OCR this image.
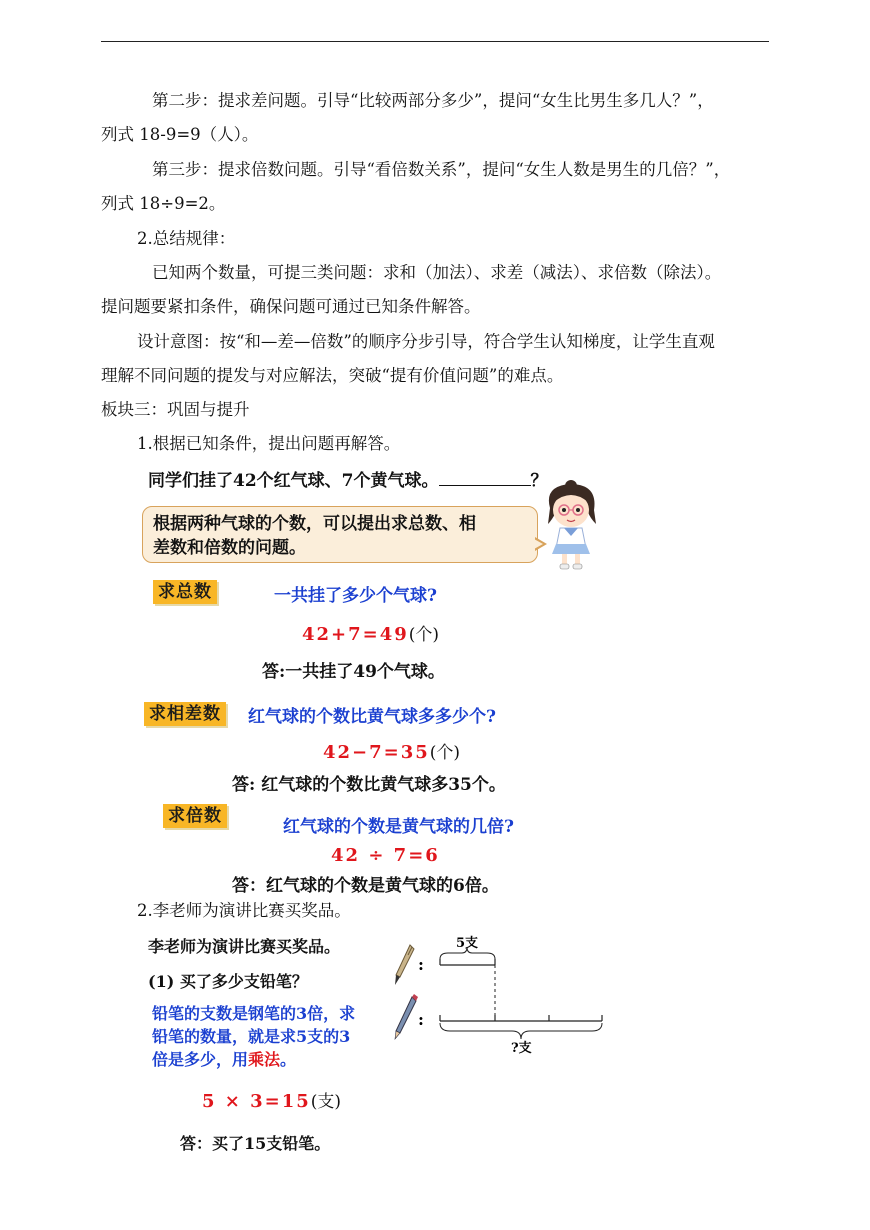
第二步：提求差问题。引导“比较两部分多少”，提问“女生比男生多几人？”，
列式 18-9=9（人）。
第三步：提求倍数问题。引导“看倍数关系”，提问“女生人数是男生的几倍？”，
列式 18÷9=2。
2.总结规律：
已知两个数量，可提三类问题：求和（加法）、求差（减法）、求倍数（除法）。
提问题要紧扣条件，确保问题可通过已知条件解答。
设计意图：按“和—差—倍数”的顺序分步引导，符合学生认知梯度，让学生直观
理解不同问题的提发与对应解法，突破“提有价值问题”的难点。
板块三：巩固与提升
1.根据已知条件，提出问题再解答。
同学们挂了42个红气球、7个黄气球。	？
根据两种气球的个数，可以提出求总数、相
差数和倍数的问题。
求总数	一共挂了多少个气球?
42+7=49(个)
答:一共挂了49个气球。
求相差数 红气球的个数比黄气球多多少个?
42−7=35(个)
答: 红气球的个数比黄气球多35个。
求倍数
红气球的个数是黄气球的几倍?
42 ÷ 7=6
答：红气球的个数是黄气球的6倍。
2.李老师为演讲比赛买奖品。
李老师为演讲比赛买奖品。
(1) 买了多少支铅笔？
铅笔的支数是钢笔的3倍，求
铅笔的数量，就是求5支的3
倍是多少，用乘法。
5 × 3=15(支)
答：买了15支铅笔。
:
:
5支
?支
